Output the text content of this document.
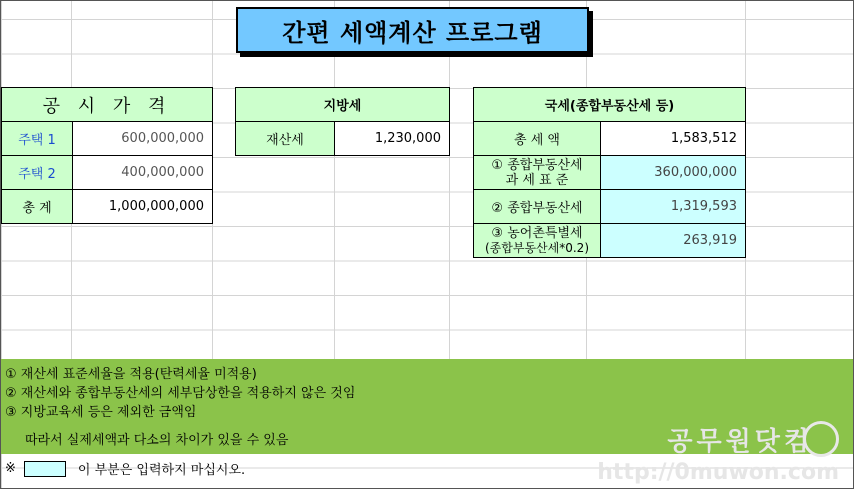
간편 세액계산 프로그램
공 시 가 격	
주택 1	600,000,000
주택 2	400,000,000
총 계	1,000,000,000
지방세
재산세	1,230,000
국세(종합부동산세 등)	
총 세 액	1,583,512

① 종합부동산세
과 세 표 준	360,000,000
② 종합부동산세	1,319,593

③ 농어촌특별세
(종합부동산세*0.2)	263,919
① 재산세 표준세율을 적용(탄력세율 미적용)
② 재산세와 종합부동산세의 세부담상한을 적용하지 않은 것임
③ 지방교육세 등은 제외한 금액임
따라서 실제세액과 다소의 차이가 있을 수 있음	공무원닷컴
http://0muwon.com
※	이 부분은 입력하지 마십시오.
